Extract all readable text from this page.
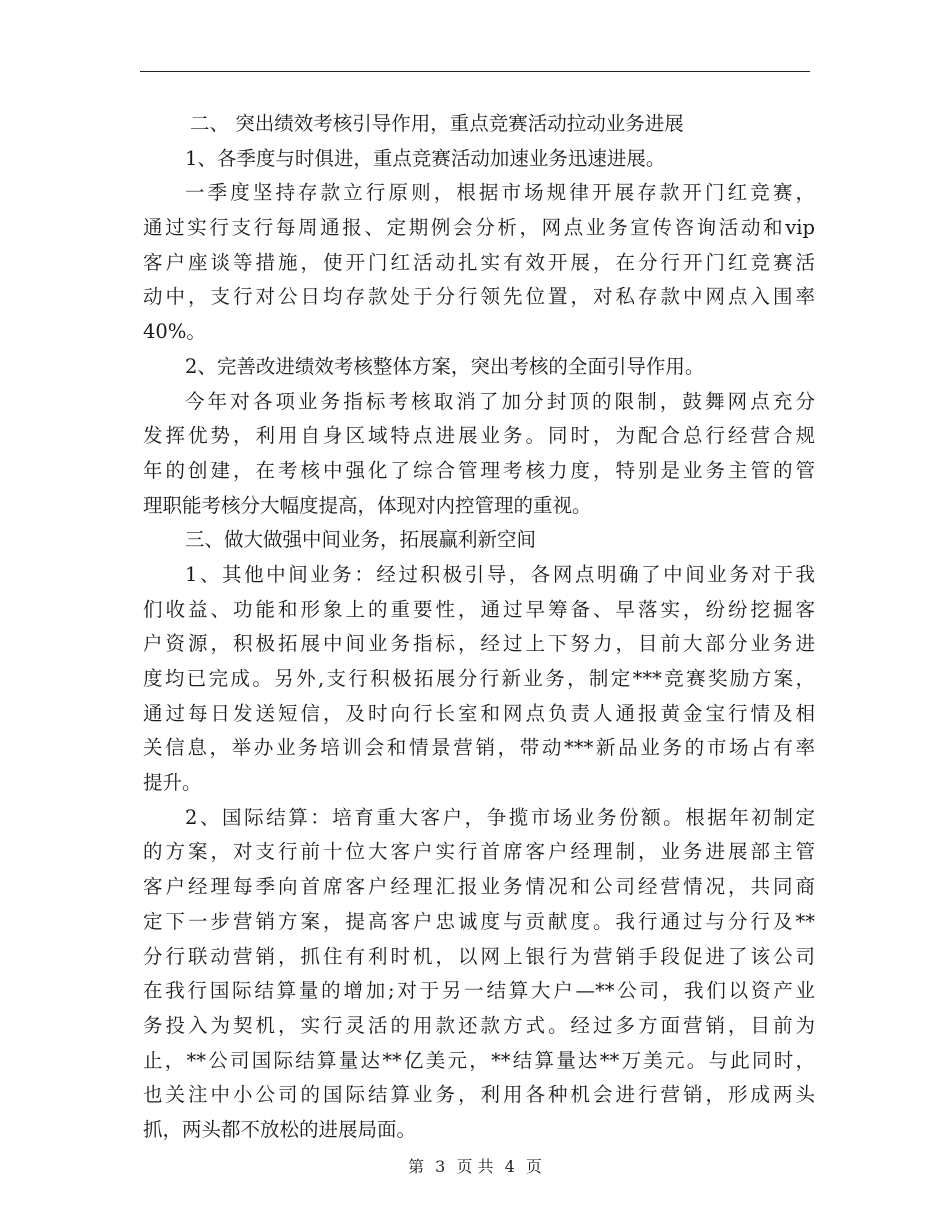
二、 突出绩效考核引导作用，重点竞赛活动拉动业务进展
1、各季度与时俱进，重点竞赛活动加速业务迅速进展。
一季度坚持存款立行原则，根据市场规律开展存款开门红竞赛，
通过实行支行每周通报、定期例会分析，网点业务宣传咨询活动和vip
客户座谈等措施，使开门红活动扎实有效开展，在分行开门红竞赛活
动中，支行对公日均存款处于分行领先位置，对私存款中网点入围率
40%。
2、完善改进绩效考核整体方案，突出考核的全面引导作用。
今年对各项业务指标考核取消了加分封顶的限制，鼓舞网点充分
发挥优势，利用自身区域特点进展业务。同时，为配合总行经营合规
年的创建，在考核中强化了综合管理考核力度，特别是业务主管的管
理职能考核分大幅度提高，体现对内控管理的重视。
三、做大做强中间业务，拓展赢利新空间
1、其他中间业务：经过积极引导，各网点明确了中间业务对于我
们收益、功能和形象上的重要性，通过早筹备、早落实，纷纷挖掘客
户资源，积极拓展中间业务指标，经过上下努力，目前大部分业务进
度均已完成。另外,支行积极拓展分行新业务，制定***竞赛奖励方案，
通过每日发送短信，及时向行长室和网点负责人通报黄金宝行情及相
关信息，举办业务培训会和情景营销，带动***新品业务的市场占有率
提升。
2、国际结算：培育重大客户，争揽市场业务份额。根据年初制定
的方案，对支行前十位大客户实行首席客户经理制，业务进展部主管
客户经理每季向首席客户经理汇报业务情况和公司经营情况，共同商
定下一步营销方案，提高客户忠诚度与贡献度。我行通过与分行及**
分行联动营销，抓住有利时机，以网上银行为营销手段促进了该公司
在我行国际结算量的增加;对于另一结算大户—**公司，我们以资产业
务投入为契机，实行灵活的用款还款方式。经过多方面营销，目前为
止，**公司国际结算量达**亿美元，**结算量达**万美元。与此同时，
也关注中小公司的国际结算业务，利用各种机会进行营销，形成两头
抓，两头都不放松的进展局面。
第 3 页 共 4 页
